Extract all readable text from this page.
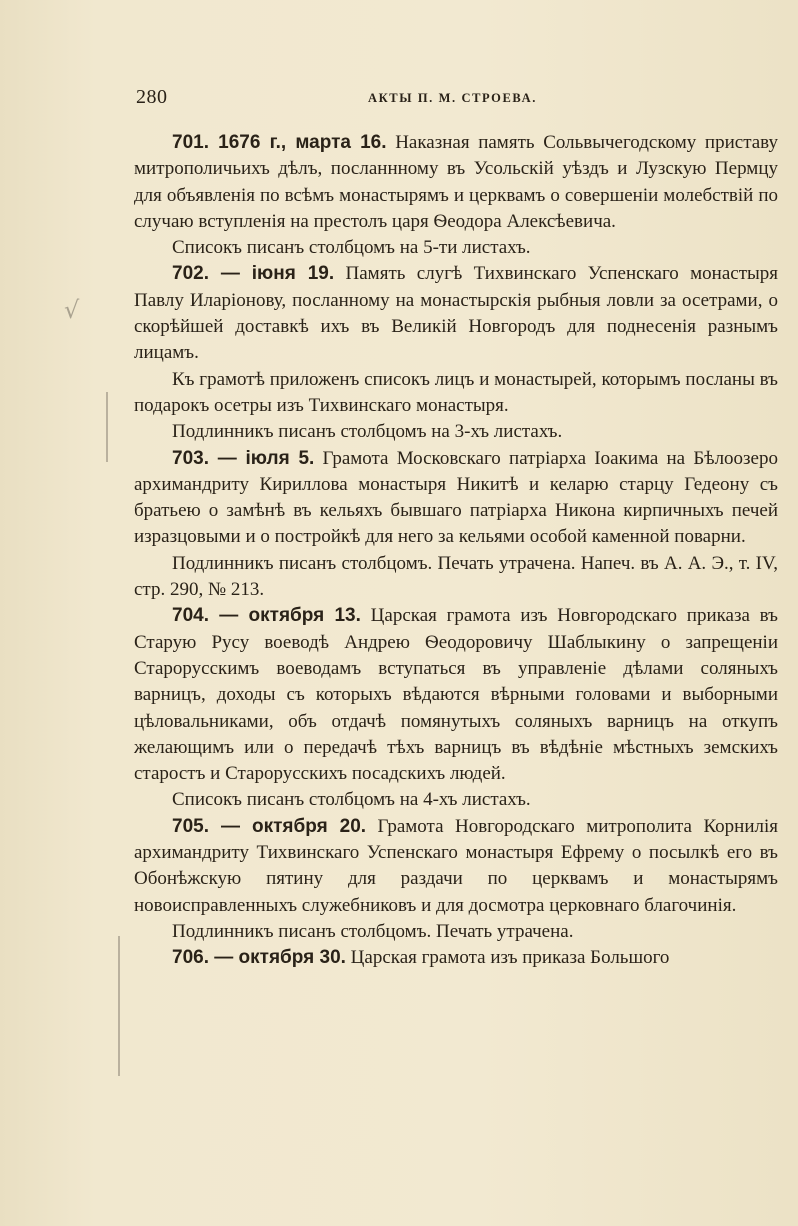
280	АКТЫ П. М. СТРОЕВА.
√

701. 1676 г., марта 16. Наказная память Сольвычегодскому приставу митрополичьихъ дѣлъ, посланнному въ Усольскій уѣздъ и Лузскую Пермцу для объявленія по всѣмъ монастырямъ и церквамъ о совершеніи молебствій по случаю вступленія на престолъ царя Ѳеодора Алексѣевича.

Списокъ писанъ столбцомъ на 5-ти листахъ.

702. — іюня 19. Память слугѣ Тихвинскаго Успенскаго монастыря Павлу Иларіонову, посланному на монастырскія рыбныя ловли за осетрами, о скорѣйшей доставкѣ ихъ въ Великій Новгородъ для поднесенія разнымъ лицамъ.

Къ грамотѣ приложенъ списокъ лицъ и монастырей, которымъ посланы въ подарокъ осетры изъ Тихвинскаго монастыря.

Подлинникъ писанъ столбцомъ на 3-хъ листахъ.

703. — іюля 5. Грамота Московскаго патріарха Іоакима на Бѣлоозеро архимандриту Кириллова монастыря Никитѣ и келарю старцу Гедеону съ братьею о замѣнѣ въ кельяхъ бывшаго патріарха Никона кирпичныхъ печей изразцовыми и о постройкѣ для него за кельями особой каменной поварни.

Подлинникъ писанъ столбцомъ. Печать утрачена. Напеч. въ А. А. Э., т. IV, стр. 290, № 213.

704. — октября 13. Царская грамота изъ Новгородскаго приказа въ Старую Русу воеводѣ Андрею Ѳеодоровичу Шаблыкину о запрещеніи Старорусскимъ воеводамъ вступаться въ управленіе дѣлами соляныхъ варницъ, доходы съ которыхъ вѣдаются вѣрными головами и выборными цѣловальниками, объ отдачѣ помянутыхъ соляныхъ варницъ на откупъ желающимъ или о передачѣ тѣхъ варницъ въ вѣдѣніе мѣстныхъ земскихъ старостъ и Старорусскихъ посадскихъ людей.

Списокъ писанъ столбцомъ на 4-хъ листахъ.

705. — октября 20. Грамота Новгородскаго митрополита Корнилія архимандриту Тихвинскаго Успенскаго монастыря Ефрему о посылкѣ его въ Обонѣжскую пятину для раздачи по церквамъ и монастырямъ новоисправленныхъ служебниковъ и для досмотра церковнаго благочинія.

Подлинникъ писанъ столбцомъ. Печать утрачена.

706. — октября 30. Царская грамота изъ приказа Большого
